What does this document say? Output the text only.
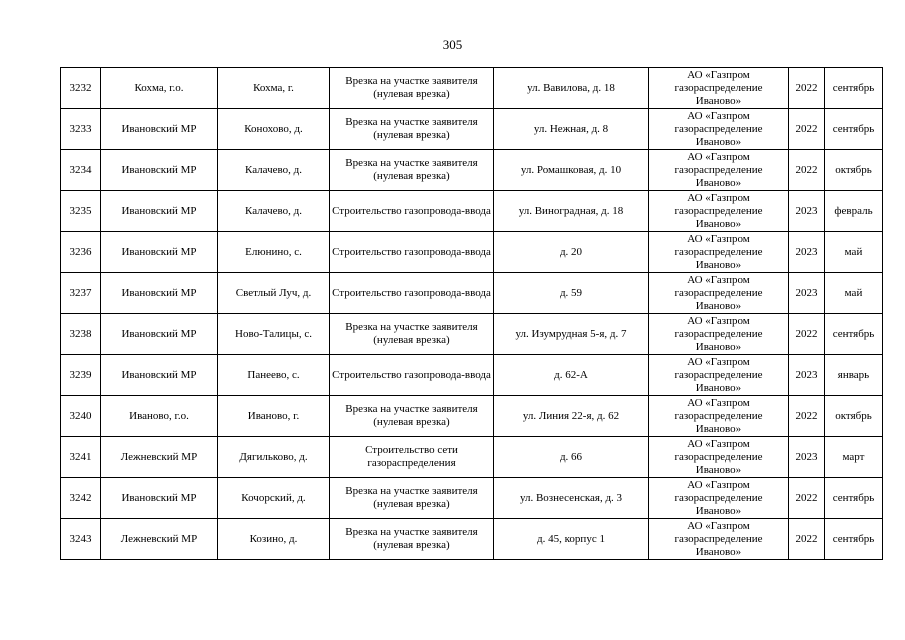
305
3232	Кохма, г.о.	Кохма, г.	Врезка на участке заявителя (нулевая врезка)	ул. Вавилова, д. 18	АО «Газпром газораспределение Иваново»	2022	сентябрь
3233	Ивановский МР	Конохово, д.	Врезка на участке заявителя (нулевая врезка)	ул. Нежная, д. 8	АО «Газпром газораспределение Иваново»	2022	сентябрь
3234	Ивановский МР	Калачево, д.	Врезка на участке заявителя (нулевая врезка)	ул. Ромашковая, д. 10	АО «Газпром газораспределение Иваново»	2022	октябрь
3235	Ивановский МР	Калачево, д.	Строительство газопровода-ввода	ул. Виноградная, д. 18	АО «Газпром газораспределение Иваново»	2023	февраль
3236	Ивановский МР	Елюнино, с.	Строительство газопровода-ввода	д. 20	АО «Газпром газораспределение Иваново»	2023	май
3237	Ивановский МР	Светлый Луч, д.	Строительство газопровода-ввода	д. 59	АО «Газпром газораспределение Иваново»	2023	май
3238	Ивановский МР	Ново-Талицы, с.	Врезка на участке заявителя (нулевая врезка)	ул. Изумрудная 5-я, д. 7	АО «Газпром газораспределение Иваново»	2022	сентябрь
3239	Ивановский МР	Панеево, с.	Строительство газопровода-ввода	д. 62-А	АО «Газпром газораспределение Иваново»	2023	январь
3240	Иваново, г.о.	Иваново, г.	Врезка на участке заявителя (нулевая врезка)	ул. Линия 22-я, д. 62	АО «Газпром газораспределение Иваново»	2022	октябрь
3241	Лежневский МР	Дягильково, д.	Строительство сети газораспределения	д. 66	АО «Газпром газораспределение Иваново»	2023	март
3242	Ивановский МР	Кочорский, д.	Врезка на участке заявителя (нулевая врезка)	ул. Вознесенская, д. 3	АО «Газпром газораспределение Иваново»	2022	сентябрь
3243	Лежневский МР	Козино, д.	Врезка на участке заявителя (нулевая врезка)	д. 45, корпус 1	АО «Газпром газораспределение Иваново»	2022	сентябрь
